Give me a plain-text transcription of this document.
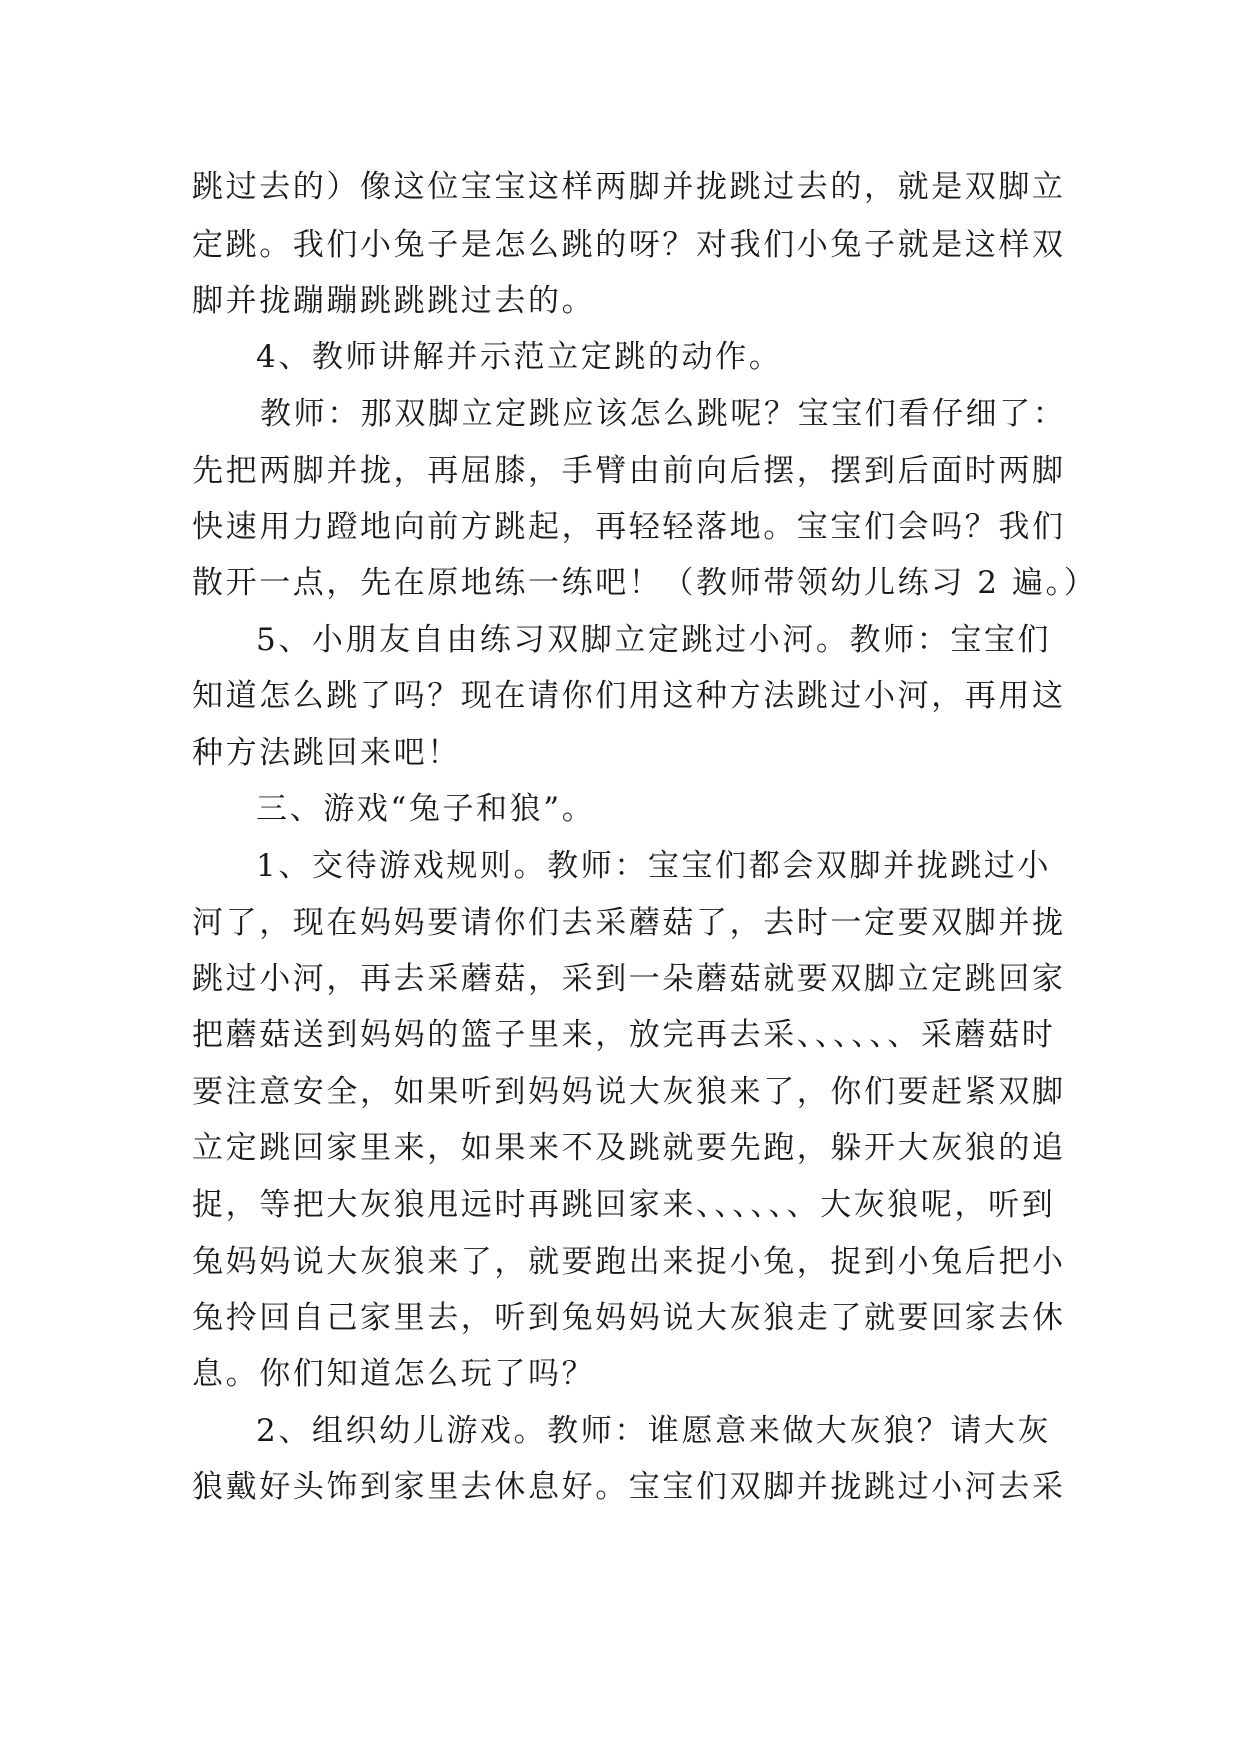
跳过去的）像这位宝宝这样两脚并拢跳过去的，就是双脚立
定跳。我们小兔子是怎么跳的呀？对我们小兔子就是这样双
脚并拢蹦蹦跳跳跳过去的。
4、教师讲解并示范立定跳的动作。
教师：那双脚立定跳应该怎么跳呢？宝宝们看仔细了：
先把两脚并拢，再屈膝，手臂由前向后摆，摆到后面时两脚
快速用力蹬地向前方跳起，再轻轻落地。宝宝们会吗？我们
散开一点，先在原地练一练吧！（教师带领幼儿练习 2 遍。）
5、小朋友自由练习双脚立定跳过小河。教师：宝宝们
知道怎么跳了吗？现在请你们用这种方法跳过小河，再用这
种方法跳回来吧！
三、游戏“兔子和狼”。
1、交待游戏规则。教师：宝宝们都会双脚并拢跳过小
河了，现在妈妈要请你们去采蘑菇了，去时一定要双脚并拢
跳过小河，再去采蘑菇，采到一朵蘑菇就要双脚立定跳回家
把蘑菇送到妈妈的篮子里来，放完再去采、、、、、、采蘑菇时
要注意安全，如果听到妈妈说大灰狼来了，你们要赶紧双脚
立定跳回家里来，如果来不及跳就要先跑，躲开大灰狼的追
捉，等把大灰狼甩远时再跳回家来、、、、、、大灰狼呢，听到
兔妈妈说大灰狼来了，就要跑出来捉小兔，捉到小兔后把小
兔拎回自己家里去，听到兔妈妈说大灰狼走了就要回家去休
息。你们知道怎么玩了吗？
2、组织幼儿游戏。教师：谁愿意来做大灰狼？请大灰
狼戴好头饰到家里去休息好。宝宝们双脚并拢跳过小河去采
